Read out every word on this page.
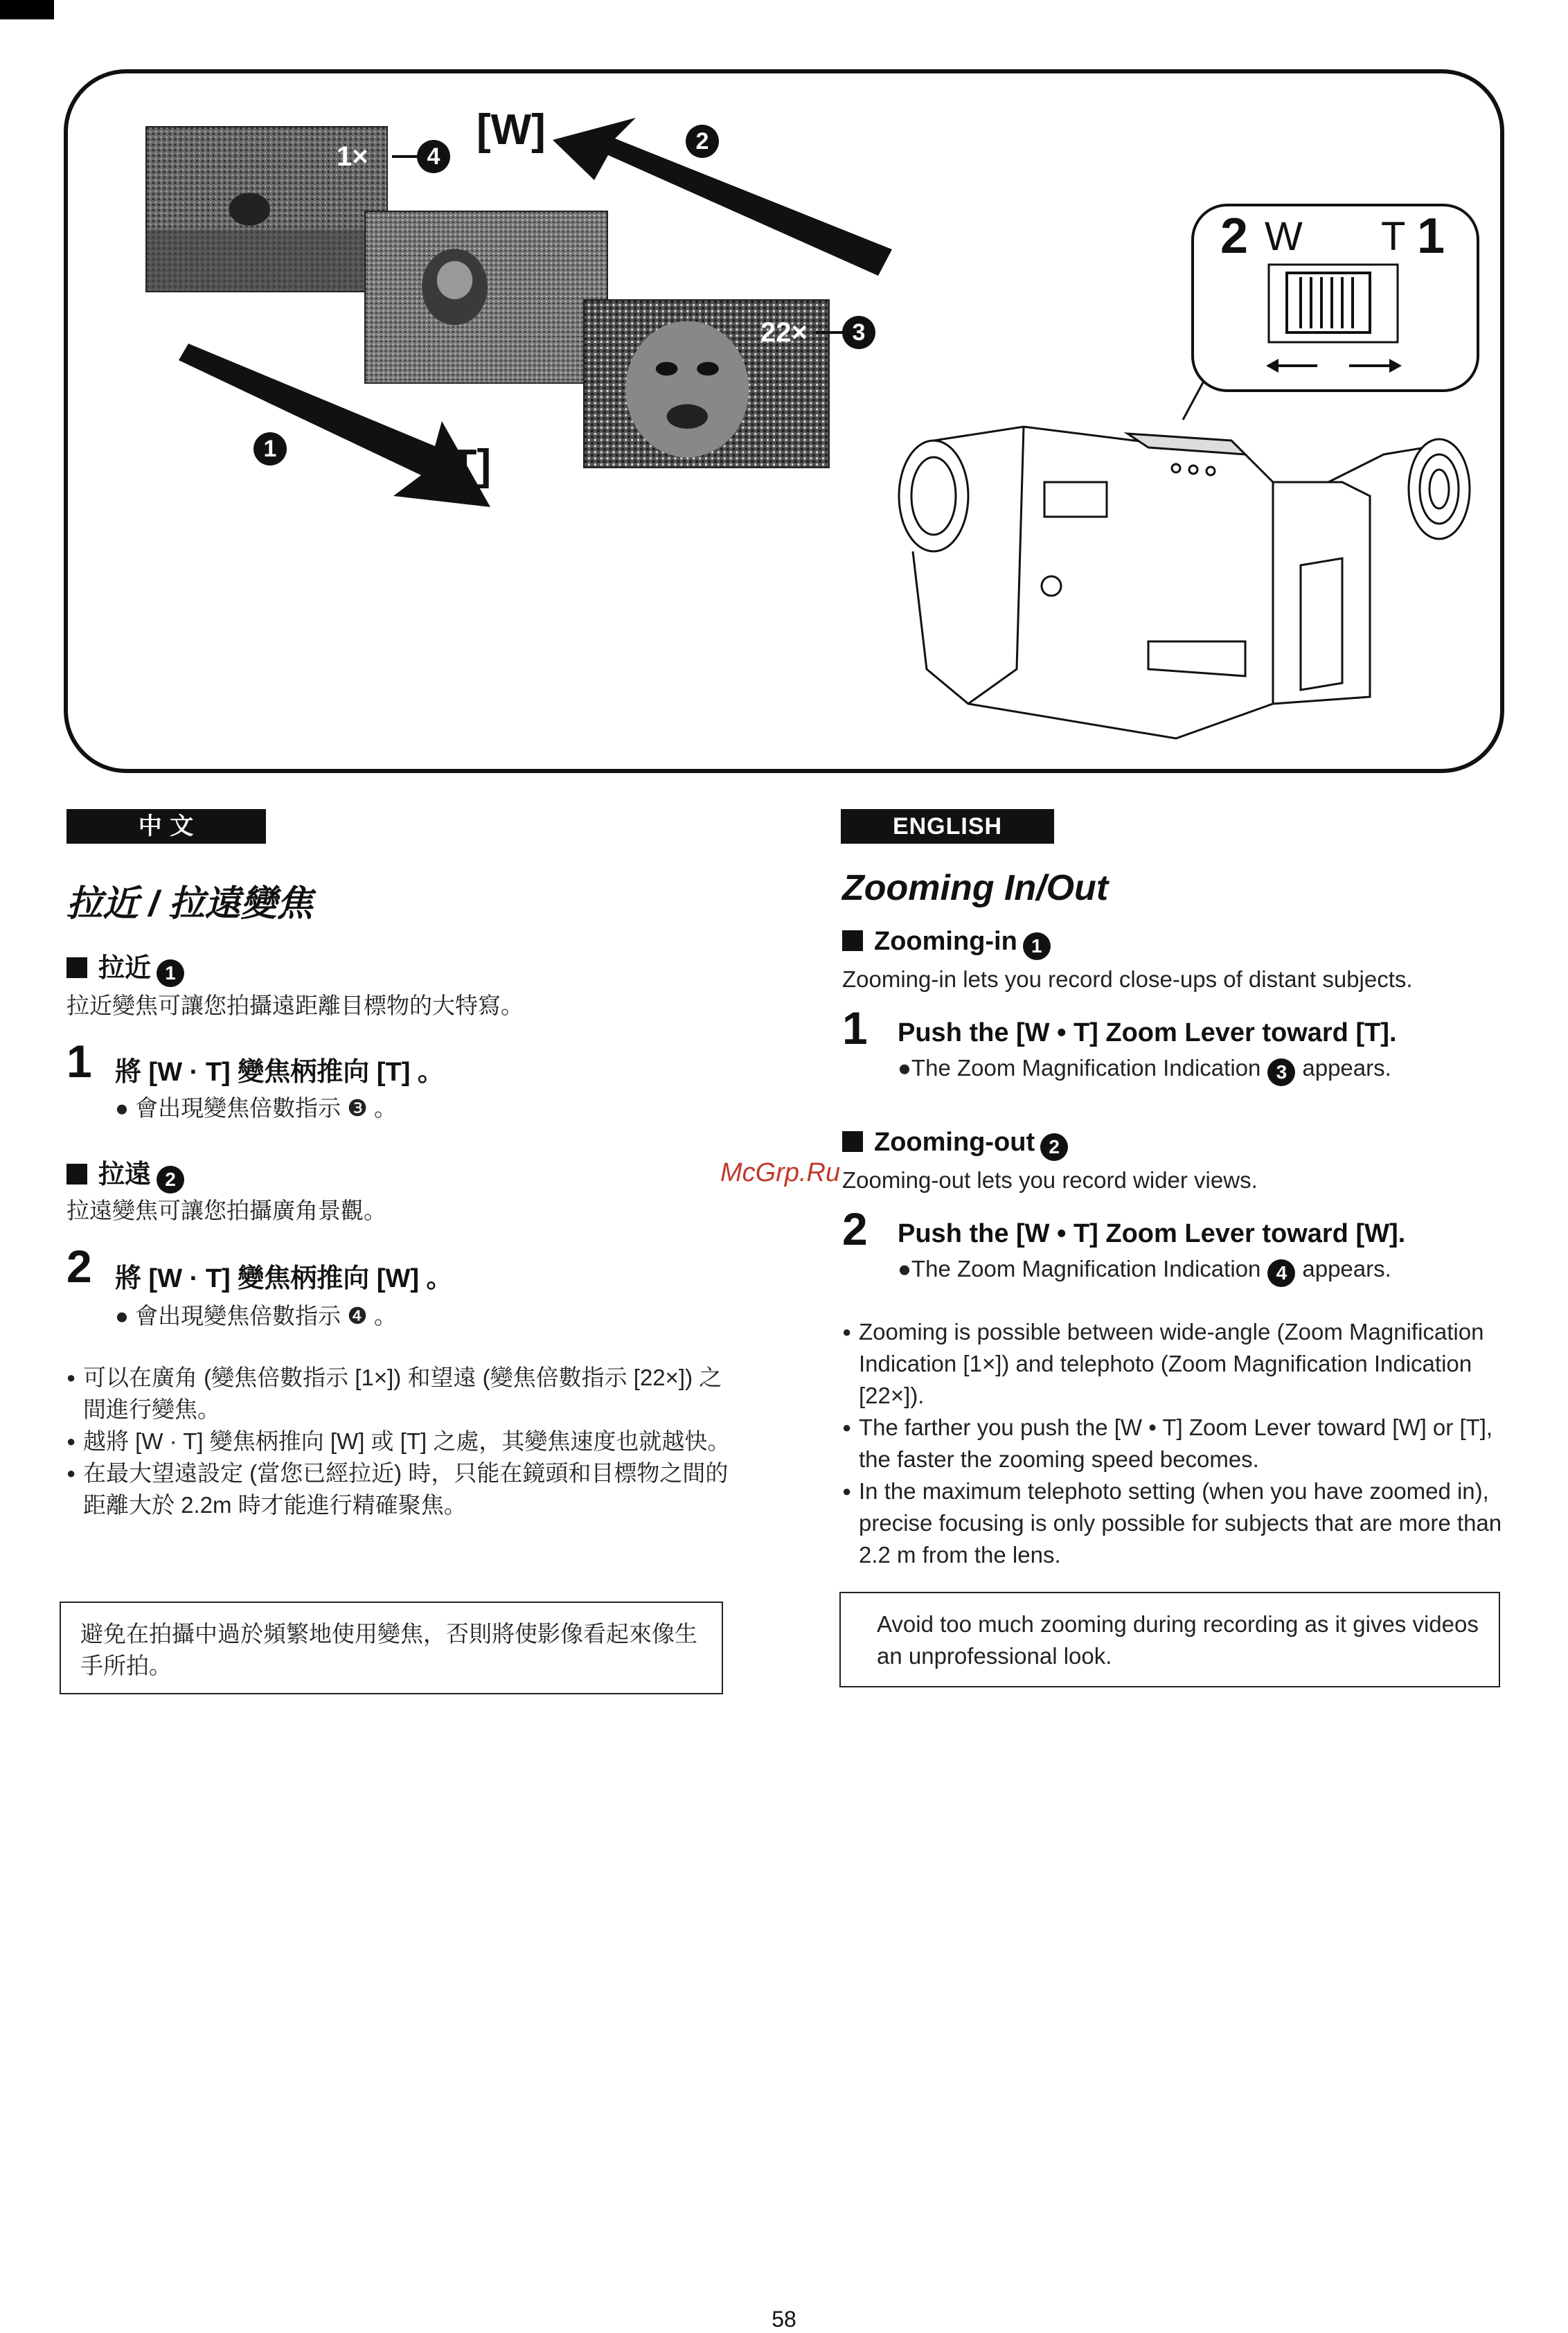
1×	4
22×	3
[W]	2
[T]
1
2 W T 1
中 文
拉近 / 拉遠變焦
拉近 1
拉近變焦可讓您拍攝遠距離目標物的大特寫。
1 將 [W · T] 變焦柄推向 [T] 。
● 會出現變焦倍數指示 ❸ 。
拉遠 2
拉遠變焦可讓您拍攝廣角景觀。
2 將 [W · T] 變焦柄推向 [W] 。
● 會出現變焦倍數指示 ❹ 。
● 可以在廣角 (變焦倍數指示 [1×]) 和望遠 (變焦倍數指示 [22×]) 之間進行變焦。
● 越將 [W · T] 變焦柄推向 [W] 或 [T] 之處，其變焦速度也就越快。
● 在最大望遠設定 (當您已經拉近) 時，只能在鏡頭和目標物之間的距離大於 2.2m 時才能進行精確聚焦。
避免在拍攝中過於頻繁地使用變焦，否則將使影像看起來像生手所拍。
ENGLISH
Zooming In/Out
Zooming-in 1
Zooming-in lets you record close-ups of distant subjects.
1 Push the [W • T] Zoom Lever toward [T].
●The Zoom Magnification Indication 3 appears.
Zooming-out 2
Zooming-out lets you record wider views.
2 Push the [W • T] Zoom Lever toward [W].
●The Zoom Magnification Indication 4 appears.
● Zooming is possible between wide-angle (Zoom Magnification Indication [1×]) and telephoto (Zoom Magnification Indication [22×]).
● The farther you push the [W • T] Zoom Lever toward [W] or [T], the faster the zooming speed becomes.
● In the maximum telephoto setting (when you have zoomed in), precise focusing is only possible for subjects that are more than 2.2 m from the lens.
Avoid too much zooming during recording as it gives videos an unprofessional look.
McGrp.Ru
58
